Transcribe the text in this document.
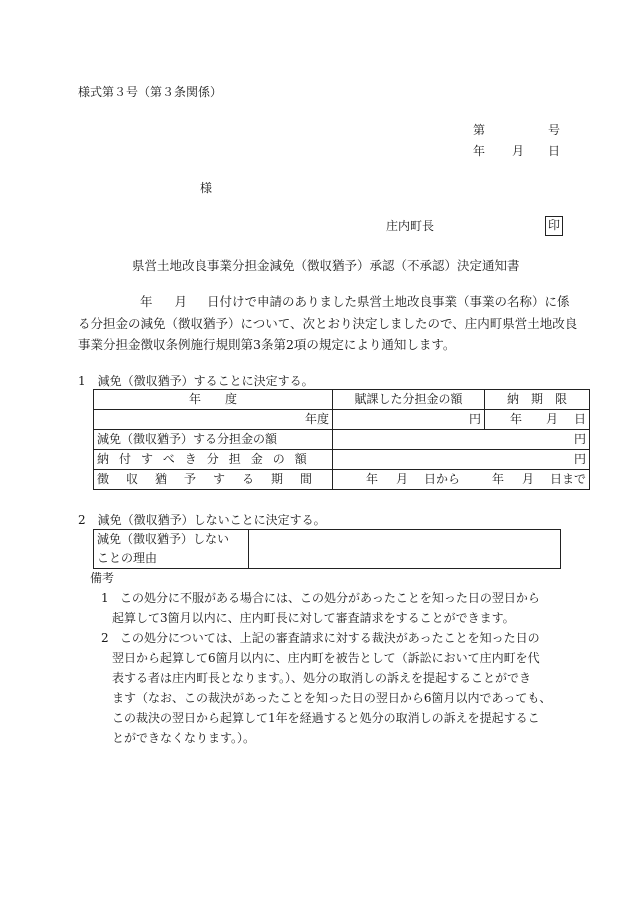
様式第３号（第３条関係）
第	号
年 月 日
様
庄内町長	印
県営土地改良事業分担金減免（徴収猶予）承認（不承認）決定通知書
年 月 日付けで申請のありました県営土地改良事業（事業の名称）に係
る分担金の減免（徴収猶予）について、次とおり決定しましたので、庄内町県営土地改良
事業分担金徴収条例施行規則第3条第2項の規定により通知します。
1　減免（徴収猶予）することに決定する。
年　　度	賦課した分担金の額	納　期　限
年度	円	年 月 日
減免（徴収猶予）する分担金の額	円	
納付すべき分担金の額	円	
徴収猶予する期間	年 月 日から 年 月 日まで	
2　減免（徴収猶予）しないことに決定する。
減免（徴収猶予）しない
ことの理由

備考
1 この処分に不服がある場合には、この処分があったことを知った日の翌日から
起算して3箇月以内に、庄内町長に対して審査請求をすることができます。
2 この処分については、上記の審査請求に対する裁決があったことを知った日の
翌日から起算して6箇月以内に、庄内町を被告として（訴訟において庄内町を代
表する者は庄内町長となります。）、処分の取消しの訴えを提起することができ
ます（なお、この裁決があったことを知った日の翌日から6箇月以内であっても、
この裁決の翌日から起算して1年を経過すると処分の取消しの訴えを提起するこ
とができなくなります。）。
